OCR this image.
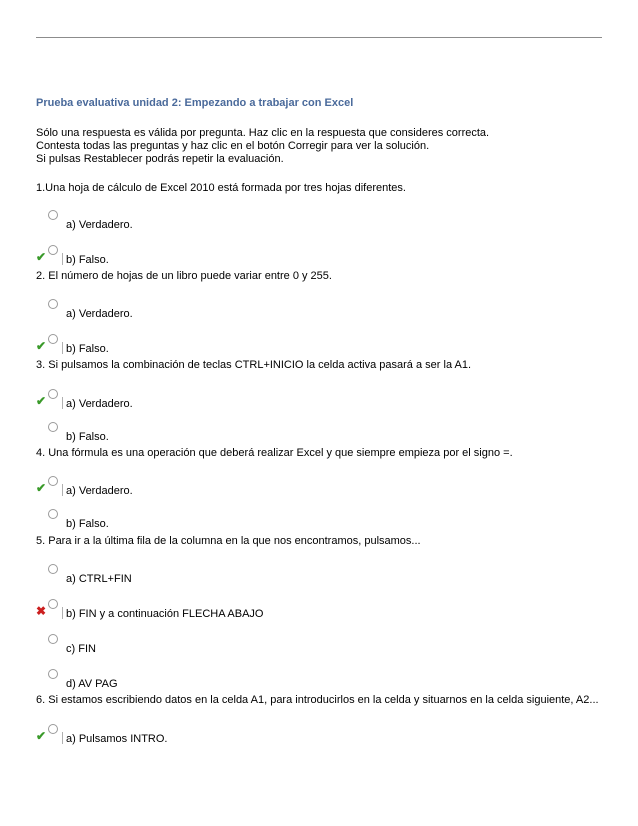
Prueba evaluativa unidad 2: Empezando a trabajar con Excel
Sólo una respuesta es válida por pregunta. Haz clic en la respuesta que consideres correcta.
Contesta todas las preguntas y haz clic en el botón Corregir para ver la solución.
Si pulsas Restablecer podrás repetir la evaluación.
1.Una hoja de cálculo de Excel 2010 está formada por tres hojas diferentes.
a) Verdadero.
✔ b) Falso.
2. El número de hojas de un libro puede variar entre 0 y 255.
a) Verdadero.
✔ b) Falso.
3. Si pulsamos la combinación de teclas CTRL+INICIO la celda activa pasará a ser la A1.
✔ a) Verdadero.
b) Falso.
4. Una fórmula es una operación que deberá realizar Excel y que siempre empieza por el signo =.
✔ a) Verdadero.
b) Falso.
5. Para ir a la última fila de la columna en la que nos encontramos, pulsamos...
a) CTRL+FIN
✖ b) FIN y a continuación FLECHA ABAJO
c) FIN
d) AV PAG
6. Si estamos escribiendo datos en la celda A1, para introducirlos en la celda y situarnos en la celda siguiente, A2...
✔ a) Pulsamos INTRO.
